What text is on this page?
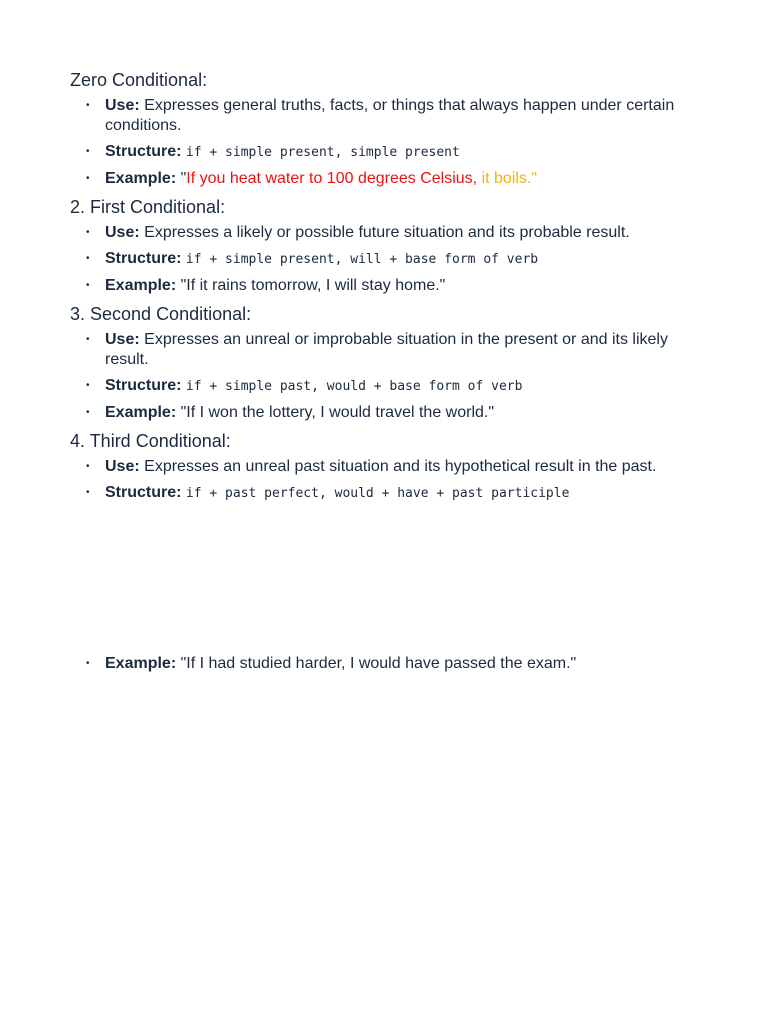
Zero Conditional:
• Use: Expresses general truths, facts, or things that always happen under certain conditions.
• Structure: if + simple present, simple present
• Example: "If you heat water to 100 degrees Celsius, it boils."
2. First Conditional:
• Use: Expresses a likely or possible future situation and its probable result.
• Structure: if + simple present, will + base form of verb
• Example: "If it rains tomorrow, I will stay home."
3. Second Conditional:
• Use: Expresses an unreal or improbable situation in the present or and its likely result.
• Structure: if + simple past, would + base form of verb
• Example: "If I won the lottery, I would travel the world."
4. Third Conditional:
• Use: Expresses an unreal past situation and its hypothetical result in the past.
• Structure: if + past perfect, would + have + past participle
• Example: "If I had studied harder, I would have passed the exam."
